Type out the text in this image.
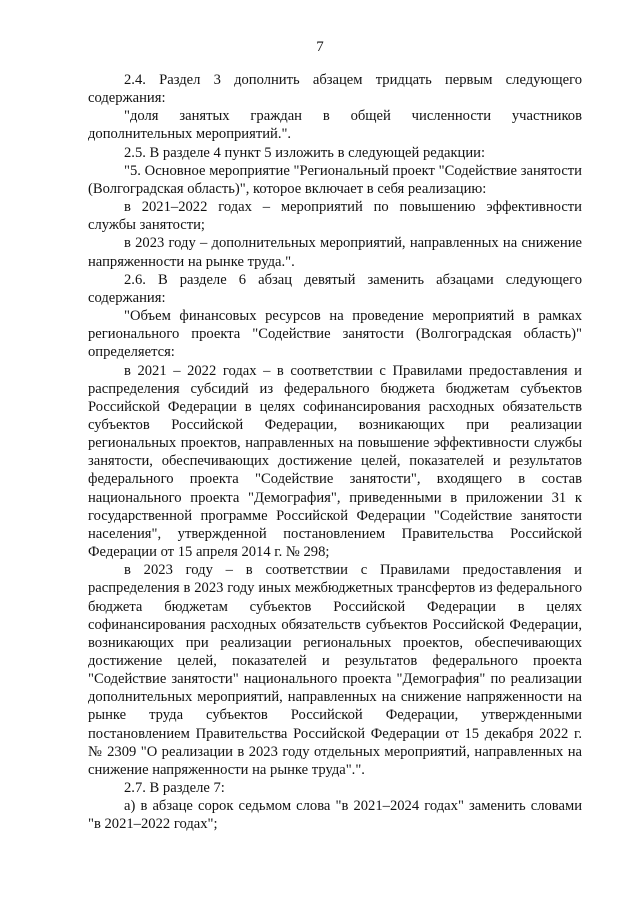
7

2.4. Раздел 3 дополнить абзацем тридцать первым следующего содержания:

"доля занятых граждан в общей численности участников дополнительных мероприятий.".

2.5. В разделе 4 пункт 5 изложить в следующей редакции:

"5. Основное мероприятие "Региональный проект "Содействие занятости (Волгоградская область)", которое включает в себя реализацию:

в 2021–2022 годах – мероприятий по повышению эффективности службы занятости;

в 2023 году – дополнительных мероприятий, направленных на снижение напряженности на рынке труда.".

2.6. В разделе 6 абзац девятый заменить абзацами следующего содержания:

"Объем финансовых ресурсов на проведение мероприятий в рамках регионального проекта "Содействие занятости (Волгоградская область)" определяется:

в 2021 – 2022 годах – в соответствии с Правилами предоставления и распределения субсидий из федерального бюджета бюджетам субъектов Российской Федерации в целях софинансирования расходных обязательств субъектов Российской Федерации, возникающих при реализации региональных проектов, направленных на повышение эффективности службы занятости, обеспечивающих достижение целей, показателей и результатов федерального проекта "Содействие занятости", входящего в состав национального проекта "Демография", приведенными в приложении 31 к государственной программе Российской Федерации "Содействие занятости населения", утвержденной постановлением Правительства Российской Федерации от 15 апреля 2014 г. № 298;

в 2023 году – в соответствии с Правилами предоставления и распределения в 2023 году иных межбюджетных трансфертов из федерального бюджета бюджетам субъектов Российской Федерации в целях софинансирования расходных обязательств субъектов Российской Федерации, возникающих при реализации региональных проектов, обеспечивающих достижение целей, показателей и результатов федерального проекта "Содействие занятости" национального проекта "Демография" по реализации дополнительных мероприятий, направленных на снижение напряженности на рынке труда субъектов Российской Федерации, утвержденными постановлением Правительства Российской Федерации от 15 декабря 2022 г. № 2309 "О реализации в 2023 году отдельных мероприятий, направленных на снижение напряженности на рынке труда".".

2.7. В разделе 7:

а) в абзаце сорок седьмом слова "в 2021–2024 годах" заменить словами "в 2021–2022 годах";
